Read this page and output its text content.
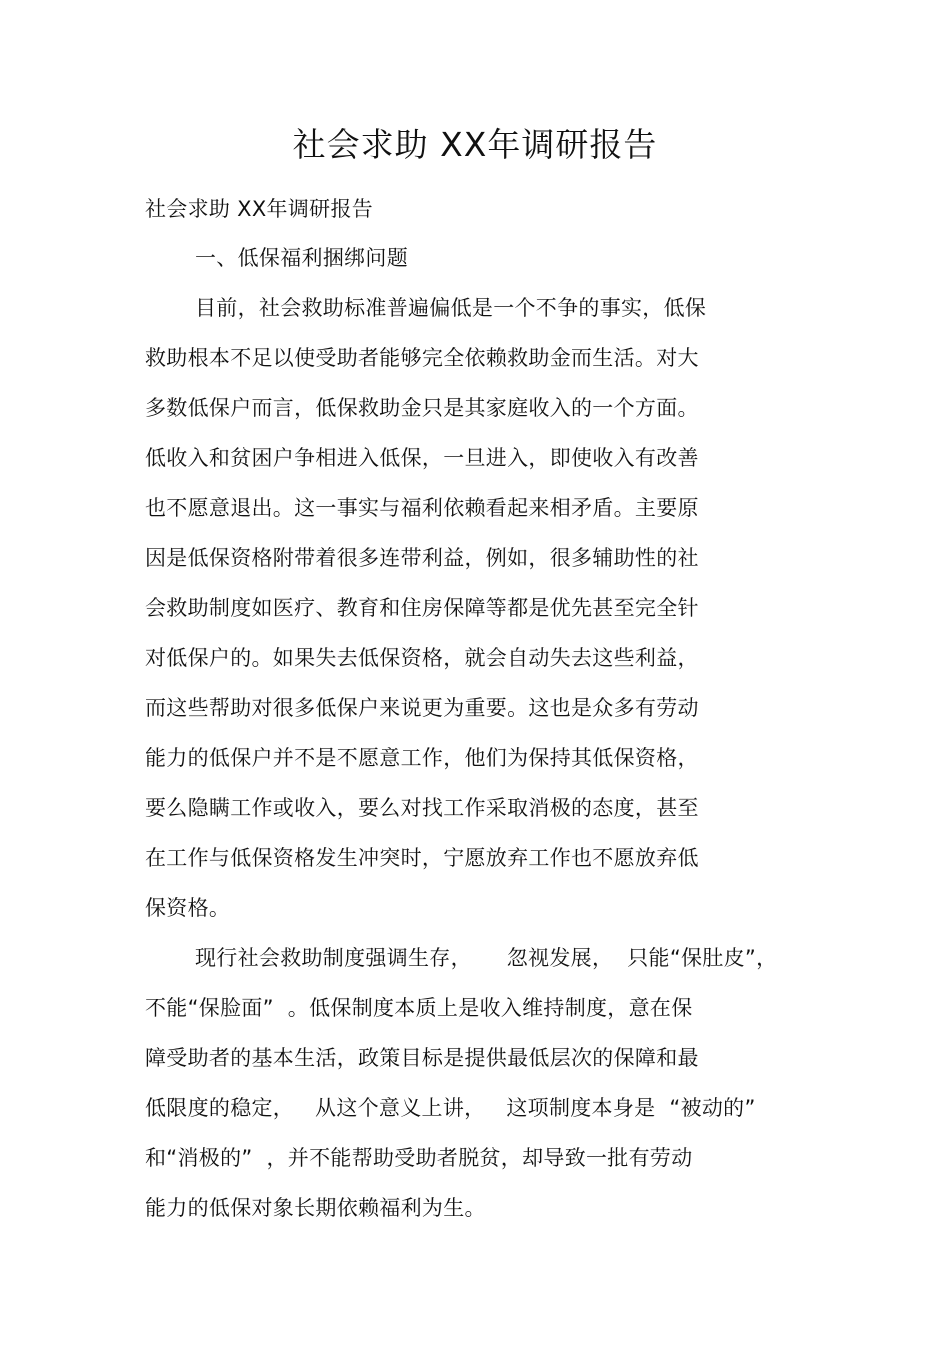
社会求助 XX年调研报告
社会求助 XX年调研报告
一、低保福利捆绑问题
目前，社会救助标准普遍偏低是一个不争的事实，低保
救助根本不足以使受助者能够完全依赖救助金而生活。对大
多数低保户而言，低保救助金只是其家庭收入的一个方面。
低收入和贫困户争相进入低保，一旦进入，即使收入有改善
也不愿意退出。这一事实与福利依赖看起来相矛盾。主要原
因是低保资格附带着很多连带利益，例如，很多辅助性的社
会救助制度如医疗、教育和住房保障等都是优先甚至完全针
对低保户的。如果失去低保资格，就会自动失去这些利益，
而这些帮助对很多低保户来说更为重要。这也是众多有劳动
能力的低保户并不是不愿意工作，他们为保持其低保资格，
要么隐瞒工作或收入，要么对找工作采取消极的态度，甚至
在工作与低保资格发生冲突时，宁愿放弃工作也不愿放弃低
保资格。
现行社会救助制度强调生存，     忽视发展，  只能“保肚皮”，
不能“保脸面”  。低保制度本质上是收入维持制度，意在保
障受助者的基本生活，政策目标是提供最低层次的保障和最
低限度的稳定，   从这个意义上讲，   这项制度本身是  “被动的”
和“消极的”  ，并不能帮助受助者脱贫，却导致一批有劳动
能力的低保对象长期依赖福利为生。
